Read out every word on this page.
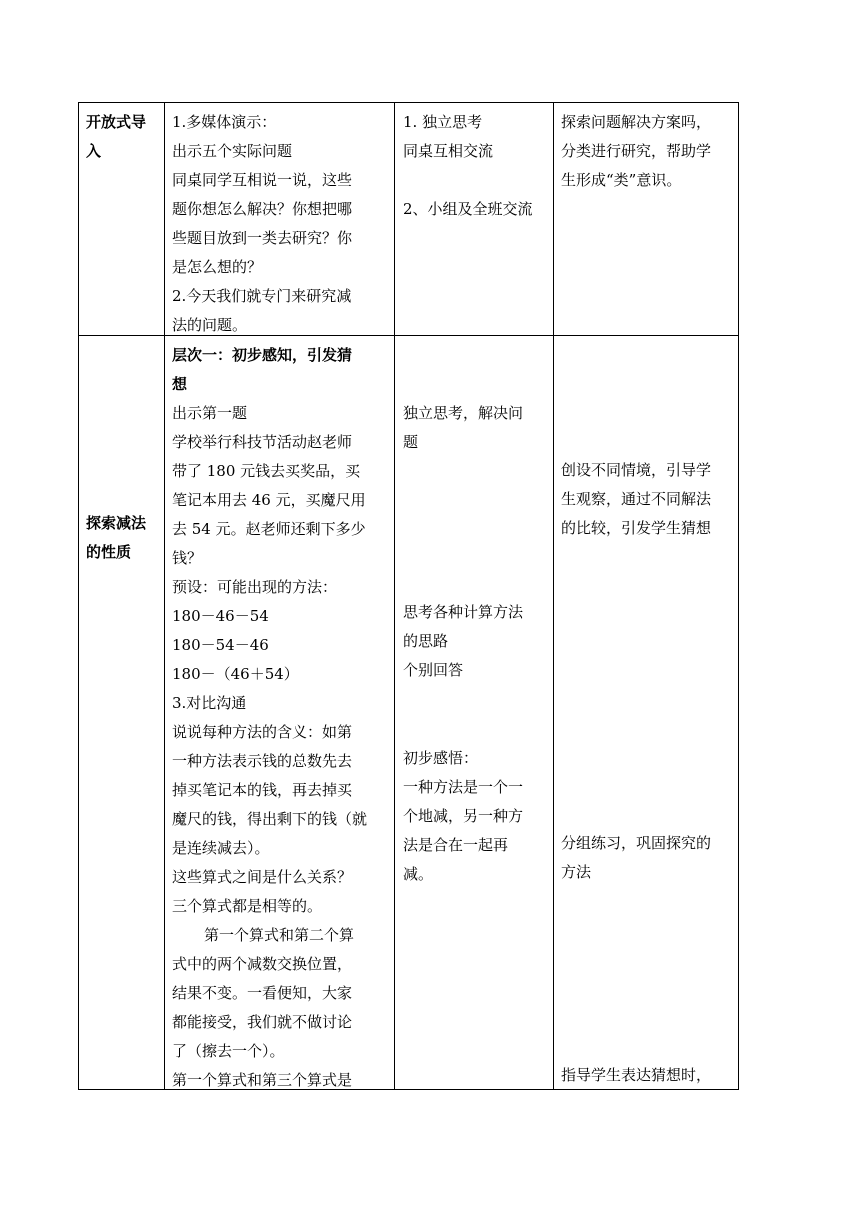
开放式导
入
1.多媒体演示：
出示五个实际问题
同桌同学互相说一说，这些
题你想怎么解决？你想把哪
些题目放到一类去研究？你
是怎么想的？
2.今天我们就专门来研究减
法的问题。
1. 独立思考
同桌互相交流
2、小组及全班交流
探索问题解决方案吗，
分类进行研究，帮助学
生形成“类”意识。
探索减法
的性质
层次一：初步感知，引发猜
想
出示第一题
学校举行科技节活动赵老师
带了 180 元钱去买奖品，买
笔记本用去 46 元，买魔尺用
去 54 元。赵老师还剩下多少
钱？
预设：可能出现的方法：
180－46－54
180－54－46
180－（46＋54）
3.对比沟通
说说每种方法的含义：如第
一种方法表示钱的总数先去
掉买笔记本的钱，再去掉买
魔尺的钱，得出剩下的钱（就
是连续减去）。
这些算式之间是什么关系？
三个算式都是相等的。
第一个算式和第二个算
式中的两个减数交换位置，
结果不变。一看便知，大家
都能接受，我们就不做讨论
了（擦去一个）。
第一个算式和第三个算式是
独立思考，解决问
题
思考各种计算方法
的思路
个别回答
初步感悟：
一种方法是一个一
个地减，另一种方
法是合在一起再
减。
创设不同情境，引导学
生观察，通过不同解法
的比较，引发学生猜想
分组练习，巩固探究的
方法
指导学生表达猜想时，
